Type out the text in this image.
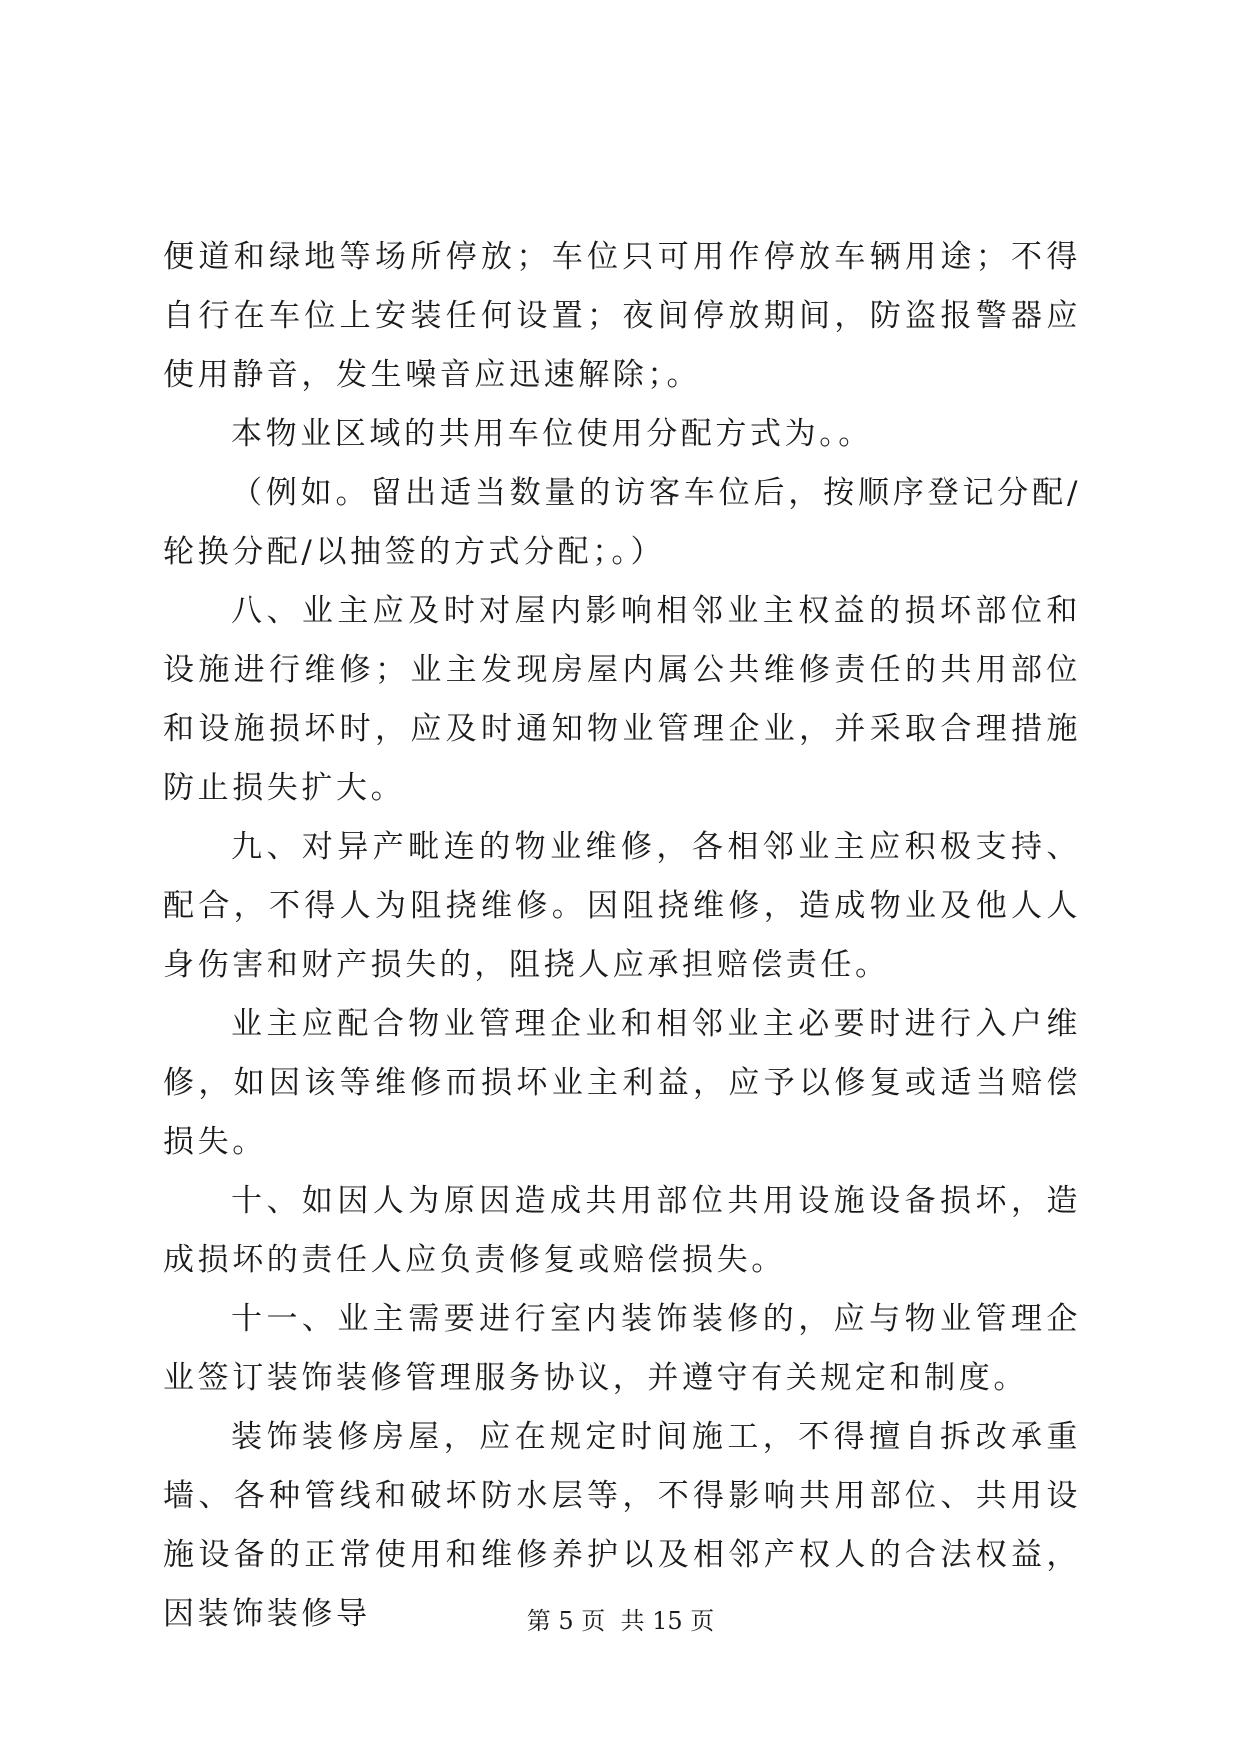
便道和绿地等场所停放；车位只可用作停放车辆用途；不得自行在车位上安装任何设置；夜间停放期间，防盗报警器应使用静音，发生噪音应迅速解除；。

本物业区域的共用车位使用分配方式为。。

（例如。留出适当数量的访客车位后，按顺序登记分配/轮换分配/以抽签的方式分配；。）

八、业主应及时对屋内影响相邻业主权益的损坏部位和设施进行维修；业主发现房屋内属公共维修责任的共用部位和设施损坏时，应及时通知物业管理企业，并采取合理措施防止损失扩大。

九、对异产毗连的物业维修，各相邻业主应积极支持、配合，不得人为阻挠维修。因阻挠维修，造成物业及他人人身伤害和财产损失的，阻挠人应承担赔偿责任。

业主应配合物业管理企业和相邻业主必要时进行入户维修，如因该等维修而损坏业主利益，应予以修复或适当赔偿损失。

十、如因人为原因造成共用部位共用设施设备损坏，造成损坏的责任人应负责修复或赔偿损失。

十一、业主需要进行室内装饰装修的，应与物业管理企业签订装饰装修管理服务协议，并遵守有关规定和制度。

装饰装修房屋，应在规定时间施工，不得擅自拆改承重墙、各种管线和破坏防水层等，不得影响共用部位、共用设施设备的正常使用和维修养护以及相邻产权人的合法权益，因装饰装修导	第 5 页 共 15 页
